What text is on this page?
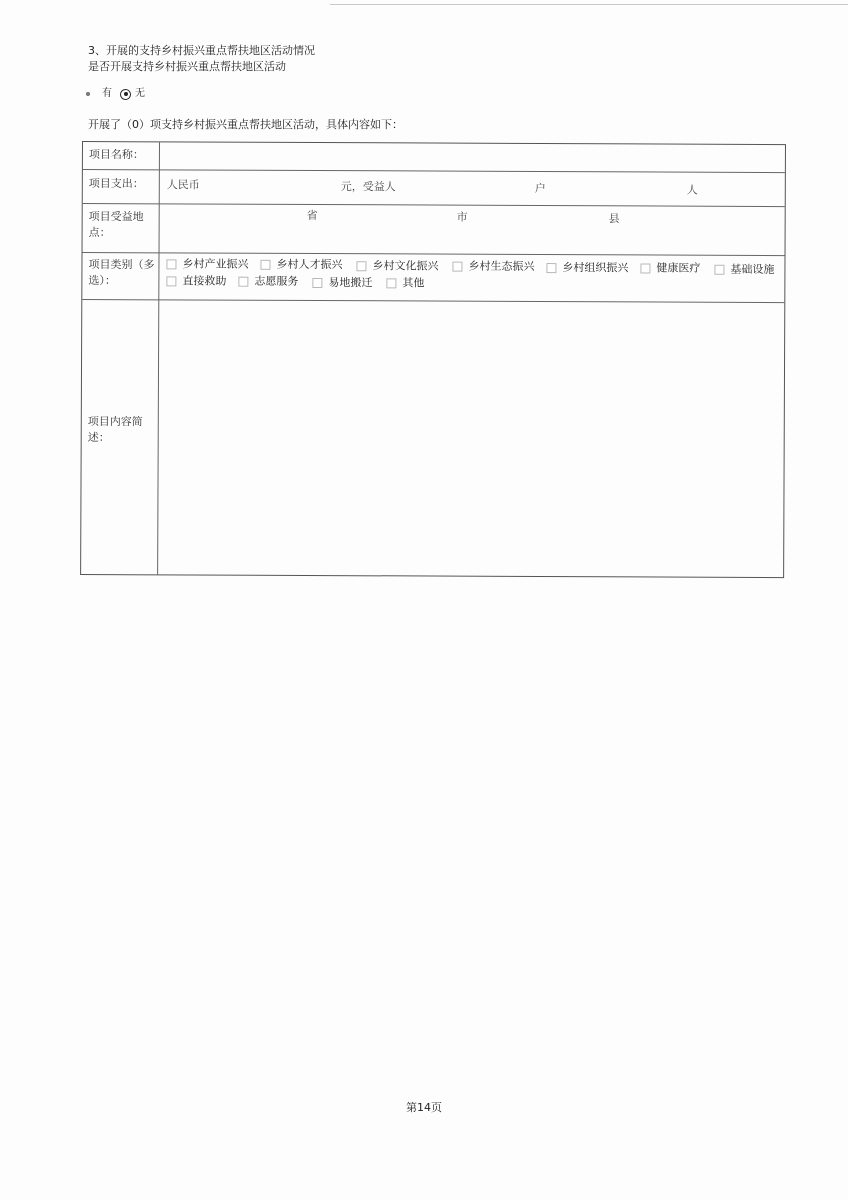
3、开展的支持乡村振兴重点帮扶地区活动情况
是否开展支持乡村振兴重点帮扶地区活动
有 无
开展了（0）项支持乡村振兴重点帮扶地区活动，具体内容如下：
项目名称：
项目支出： 人民币	元，受益人	户	人
项目受益地
点：
省	市	县
项目类别（多
选）：
乡村产业振兴	乡村人才振兴	乡村文化振兴	乡村生态振兴	乡村组织振兴	健康医疗	基础设施
直接救助	志愿服务	易地搬迁	其他
项目内容简
述：
第14页
